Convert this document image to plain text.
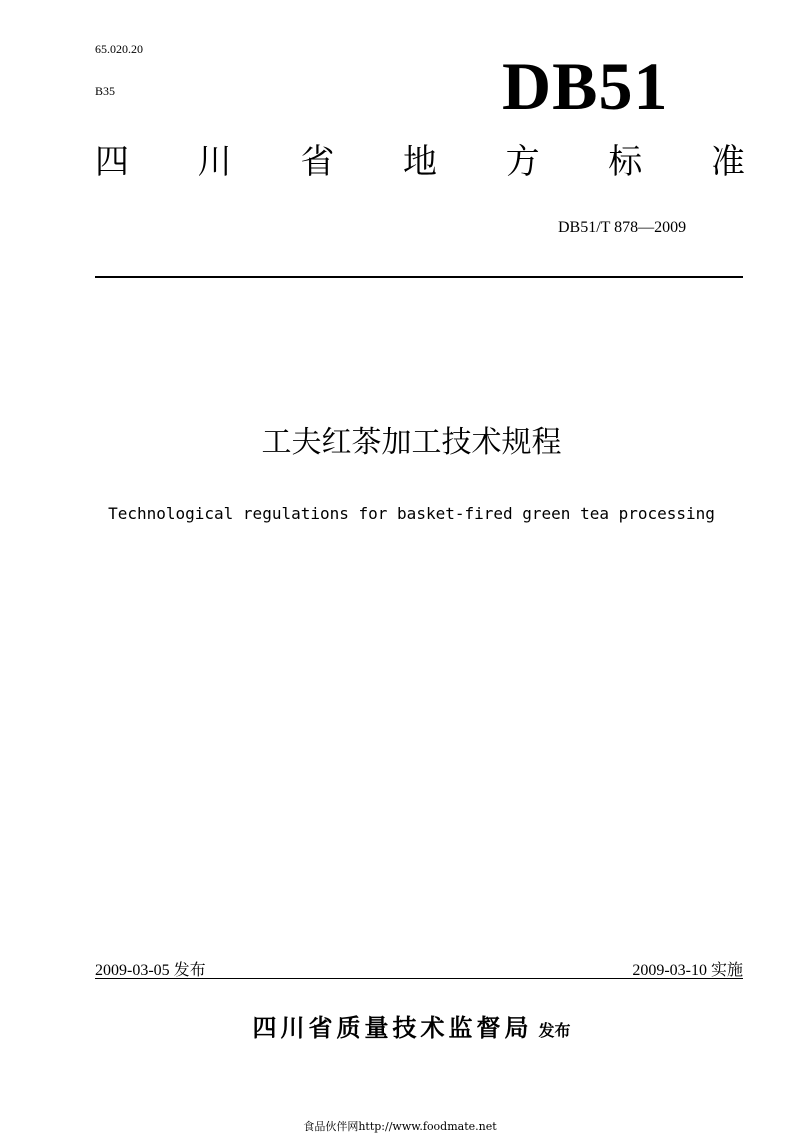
65.020.20
B35	DB51
四 川 省 地 方 标 准
DB51/T 878—2009
工夫红茶加工技术规程
Technological regulations for basket-fired green tea processing
2009-03-05 发布	2009-03-10 实施
四川省质量技术监督局 发布
食品伙伴网http://www.foodmate.net
